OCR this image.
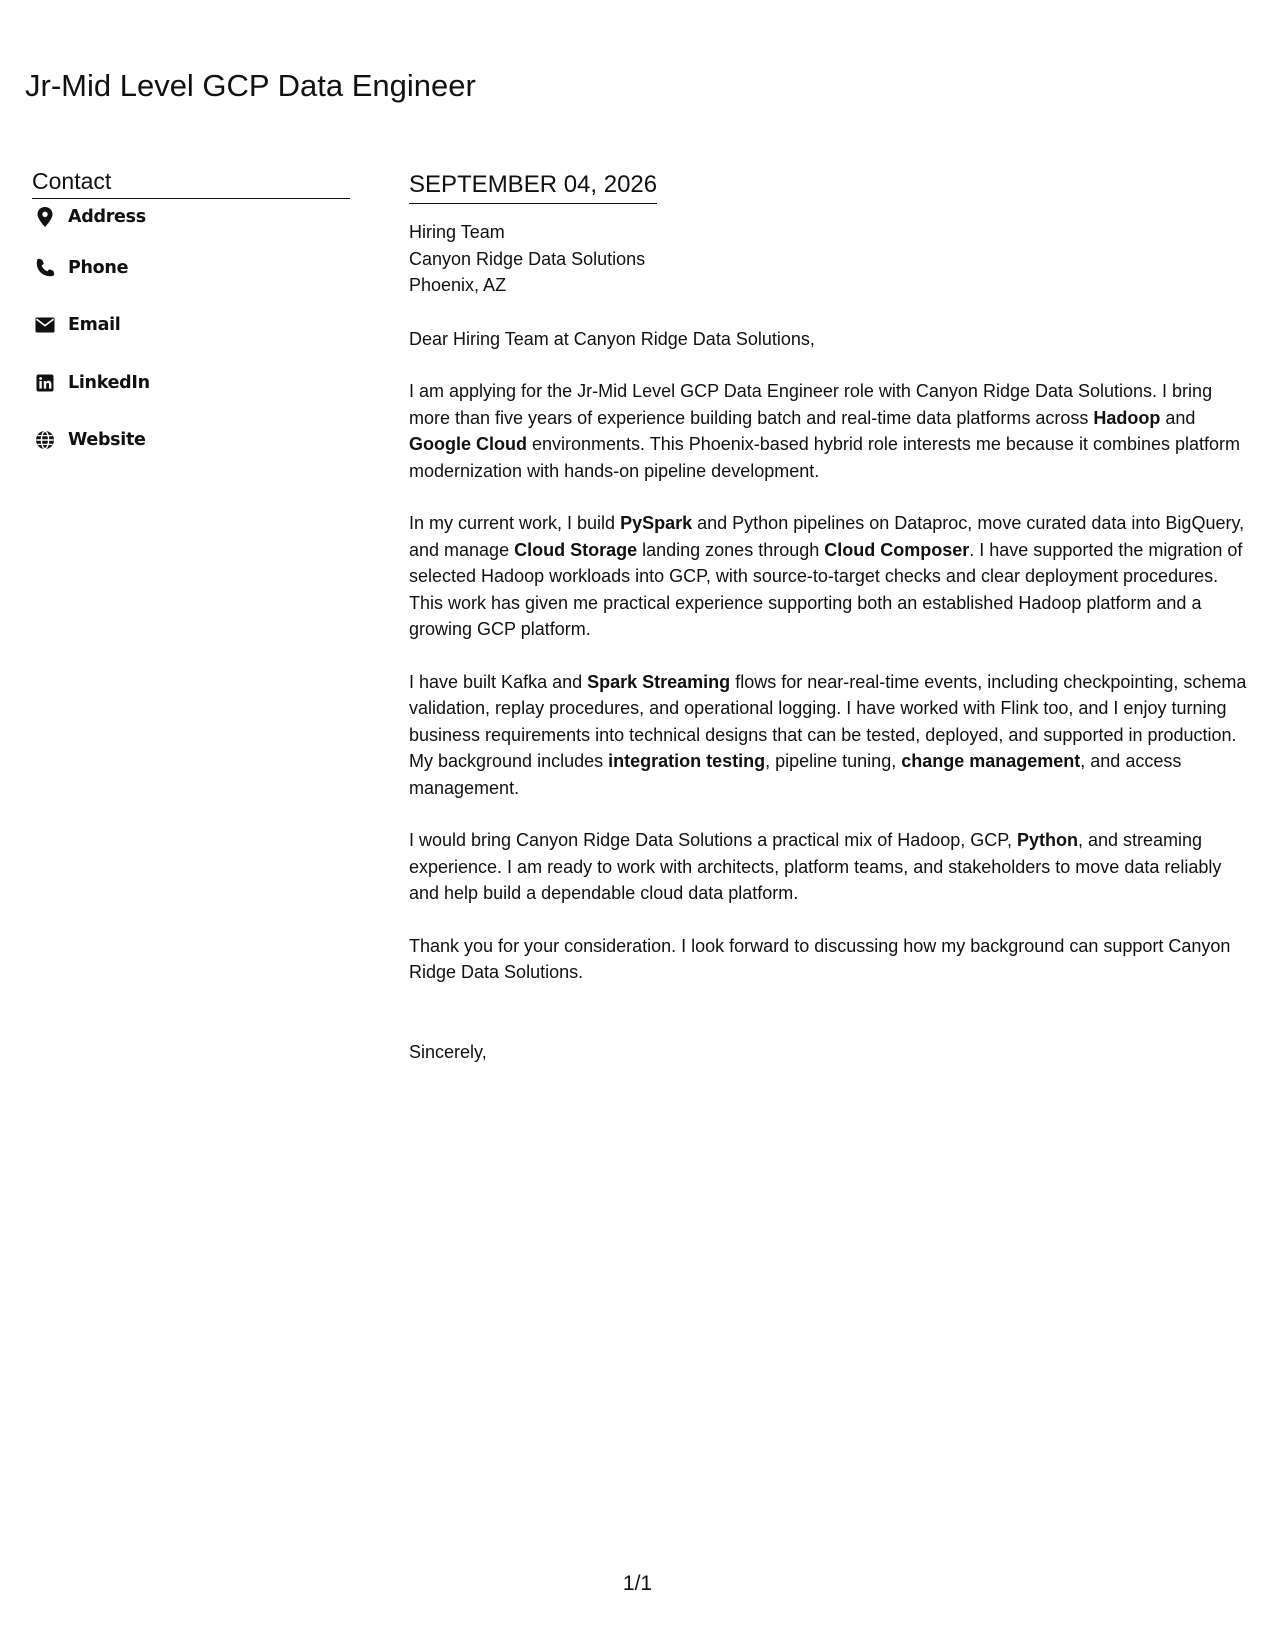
Jr-Mid Level GCP Data Engineer
Contact
Address
Phone
Email
LinkedIn
Website
SEPTEMBER 04, 2026
Hiring Team
Canyon Ridge Data Solutions
Phoenix, AZ

Dear Hiring Team at Canyon Ridge Data Solutions,

I am applying for the Jr-Mid Level GCP Data Engineer role with Canyon Ridge Data Solutions. I bring more than five years of experience building batch and real-time data platforms across Hadoop and Google Cloud environments. This Phoenix-based hybrid role interests me because it combines platform modernization with hands-on pipeline development.

In my current work, I build PySpark and Python pipelines on Dataproc, move curated data into BigQuery, and manage Cloud Storage landing zones through Cloud Composer. I have supported the migration of selected Hadoop workloads into GCP, with source-to-target checks and clear deployment procedures. This work has given me practical experience supporting both an established Hadoop platform and a growing GCP platform.

I have built Kafka and Spark Streaming flows for near-real-time events, including checkpointing, schema validation, replay procedures, and operational logging. I have worked with Flink too, and I enjoy turning business requirements into technical designs that can be tested, deployed, and supported in production. My background includes integration testing, pipeline tuning, change management, and access management.

I would bring Canyon Ridge Data Solutions a practical mix of Hadoop, GCP, Python, and streaming experience. I am ready to work with architects, platform teams, and stakeholders to move data reliably and help build a dependable cloud data platform.

Thank you for your consideration. I look forward to discussing how my background can support Canyon Ridge Data Solutions.

Sincerely,

1/1
